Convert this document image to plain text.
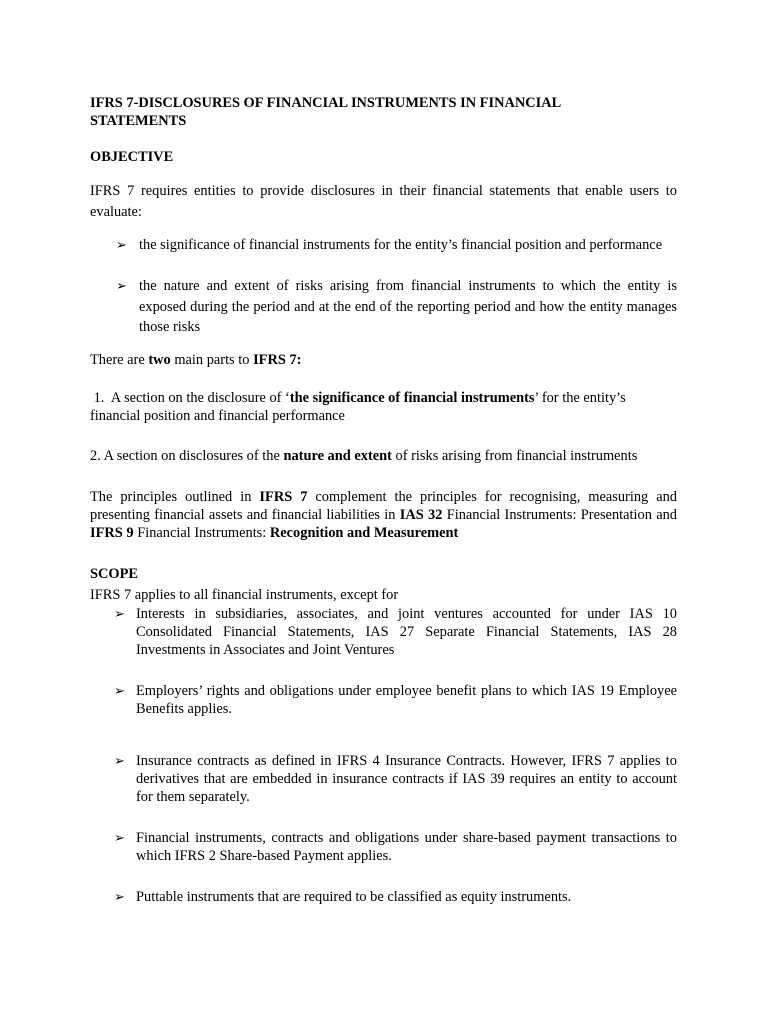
IFRS 7-DISCLOSURES OF FINANCIAL INSTRUMENTS IN FINANCIAL STATEMENTS
OBJECTIVE
IFRS 7 requires entities to provide disclosures in their financial statements that enable users to evaluate:
➢ the significance of financial instruments for the entity’s financial position and performance
➢ the nature and extent of risks arising from financial instruments to which the entity is exposed during the period and at the end of the reporting period and how the entity manages those risks
There are two main parts to IFRS 7:
1.  A section on the disclosure of ‘the significance of financial instruments’ for the entity’s financial position and financial performance
2. A section on disclosures of the nature and extent of risks arising from financial instruments
The principles outlined in IFRS 7 complement the principles for recognising, measuring and presenting financial assets and financial liabilities in IAS 32 Financial Instruments: Presentation and IFRS 9 Financial Instruments: Recognition and Measurement
SCOPE
IFRS 7 applies to all financial instruments, except for
➢ Interests in subsidiaries, associates, and joint ventures accounted for under IAS 10 Consolidated Financial Statements, IAS 27 Separate Financial Statements, IAS 28 Investments in Associates and Joint Ventures
➢ Employers’ rights and obligations under employee benefit plans to which IAS 19 Employee Benefits applies.
➢ Insurance contracts as defined in IFRS 4 Insurance Contracts. However, IFRS 7 applies to derivatives that are embedded in insurance contracts if IAS 39 requires an entity to account for them separately.
➢ Financial instruments, contracts and obligations under share-based payment transactions to which IFRS 2 Share-based Payment applies.
➢ Puttable instruments that are required to be classified as equity instruments.
